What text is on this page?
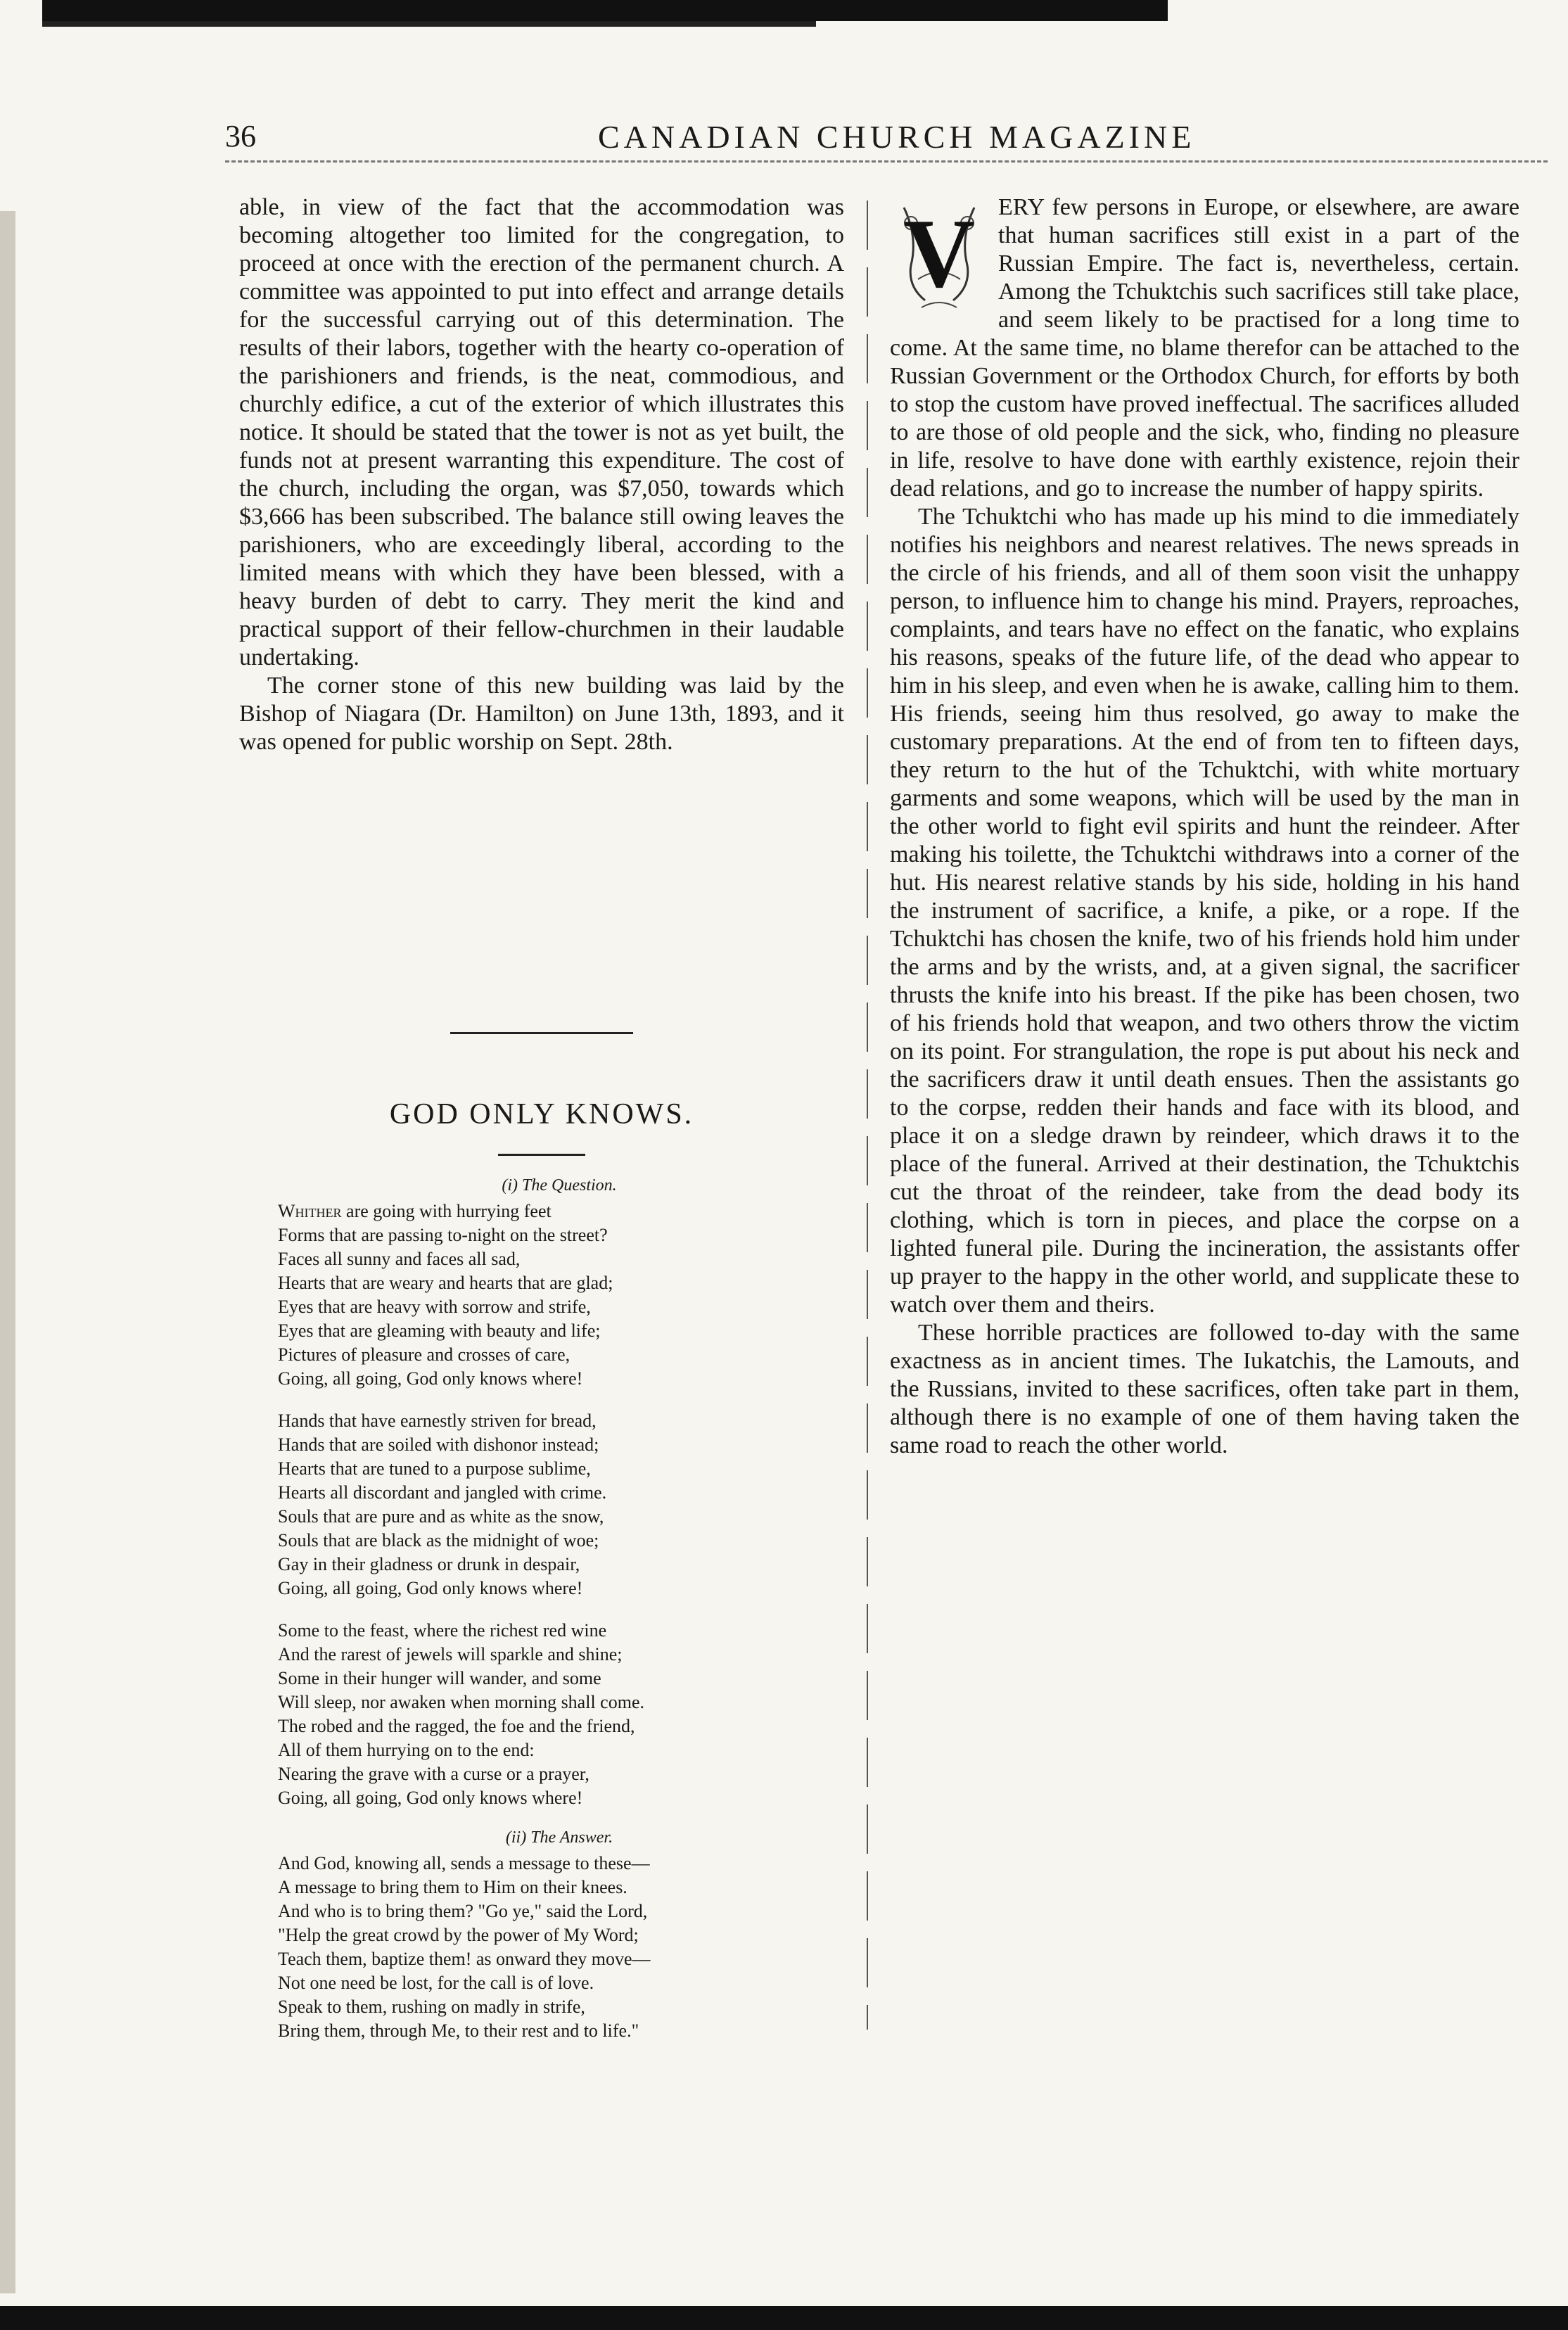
36	CANADIAN CHURCH MAGAZINE

able, in view of the fact that the accommodation was becoming altogether too limited for the congregation, to proceed at once with the erection of the permanent church. A committee was appointed to put into effect and arrange details for the successful carrying out of this determination. The results of their labors, together with the hearty co-operation of the parishioners and friends, is the neat, commodious, and churchly edifice, a cut of the exterior of which illustrates this notice. It should be stated that the tower is not as yet built, the funds not at present warranting this expenditure. The cost of the church, including the organ, was $7,050, towards which $3,666 has been subscribed. The balance still owing leaves the parishioners, who are exceedingly liberal, according to the limited means with which they have been blessed, with a heavy burden of debt to carry. They merit the kind and practical support of their fellow-churchmen in their laudable undertaking.

The corner stone of this new building was laid by the Bishop of Niagara (Dr. Hamilton) on June 13th, 1893, and it was opened for public worship on Sept. 28th.

GOD ONLY KNOWS.
(i) The Question.
Whither are going with hurrying feet
Forms that are passing to-night on the street?
Faces all sunny and faces all sad,
Hearts that are weary and hearts that are glad;
Eyes that are heavy with sorrow and strife,
Eyes that are gleaming with beauty and life;
Pictures of pleasure and crosses of care,
Going, all going, God only knows where!
Hands that have earnestly striven for bread,
Hands that are soiled with dishonor instead;
Hearts that are tuned to a purpose sublime,
Hearts all discordant and jangled with crime.
Souls that are pure and as white as the snow,
Souls that are black as the midnight of woe;
Gay in their gladness or drunk in despair,
Going, all going, God only knows where!
Some to the feast, where the richest red wine
And the rarest of jewels will sparkle and shine;
Some in their hunger will wander, and some
Will sleep, nor awaken when morning shall come.
The robed and the ragged, the foe and the friend,
All of them hurrying on to the end:
Nearing the grave with a curse or a prayer,
Going, all going, God only knows where!
(ii) The Answer.
And God, knowing all, sends a message to these—
A message to bring them to Him on their knees.
And who is to bring them? "Go ye," said the Lord,
"Help the great crowd by the power of My Word;
Teach them, baptize them! as onward they move—
Not one need be lost, for the call is of love.
Speak to them, rushing on madly in strife,
Bring them, through Me, to their rest and to life."
V ERY few persons in Europe, or elsewhere, are aware that human sacrifices still exist in a part of the Russian Empire. The fact is, nevertheless, certain. Among the Tchuktchis such sacrifices still take place, and seem likely to be practised for a long time to come. At the same time, no blame therefor can be attached to the Russian Government or the Orthodox Church, for efforts by both to stop the custom have proved ineffectual. The sacrifices alluded to are those of old people and the sick, who, finding no pleasure in life, resolve to have done with earthly existence, rejoin their dead relations, and go to increase the number of happy spirits.

The Tchuktchi who has made up his mind to die immediately notifies his neighbors and nearest relatives. The news spreads in the circle of his friends, and all of them soon visit the unhappy person, to influence him to change his mind. Prayers, reproaches, complaints, and tears have no effect on the fanatic, who explains his reasons, speaks of the future life, of the dead who appear to him in his sleep, and even when he is awake, calling him to them. His friends, seeing him thus resolved, go away to make the customary preparations. At the end of from ten to fifteen days, they return to the hut of the Tchuktchi, with white mortuary garments and some weapons, which will be used by the man in the other world to fight evil spirits and hunt the reindeer. After making his toilette, the Tchuktchi withdraws into a corner of the hut. His nearest relative stands by his side, holding in his hand the instrument of sacrifice, a knife, a pike, or a rope. If the Tchuktchi has chosen the knife, two of his friends hold him under the arms and by the wrists, and, at a given signal, the sacrificer thrusts the knife into his breast. If the pike has been chosen, two of his friends hold that weapon, and two others throw the victim on its point. For strangulation, the rope is put about his neck and the sacrificers draw it until death ensues. Then the assistants go to the corpse, redden their hands and face with its blood, and place it on a sledge drawn by reindeer, which draws it to the place of the funeral. Arrived at their destination, the Tchuktchis cut the throat of the reindeer, take from the dead body its clothing, which is torn in pieces, and place the corpse on a lighted funeral pile. During the incineration, the assistants offer up prayer to the happy in the other world, and supplicate these to watch over them and theirs.

These horrible practices are followed to-day with the same exactness as in ancient times. The Iukatchis, the Lamouts, and the Russians, invited to these sacrifices, often take part in them, although there is no example of one of them having taken the same road to reach the other world.
